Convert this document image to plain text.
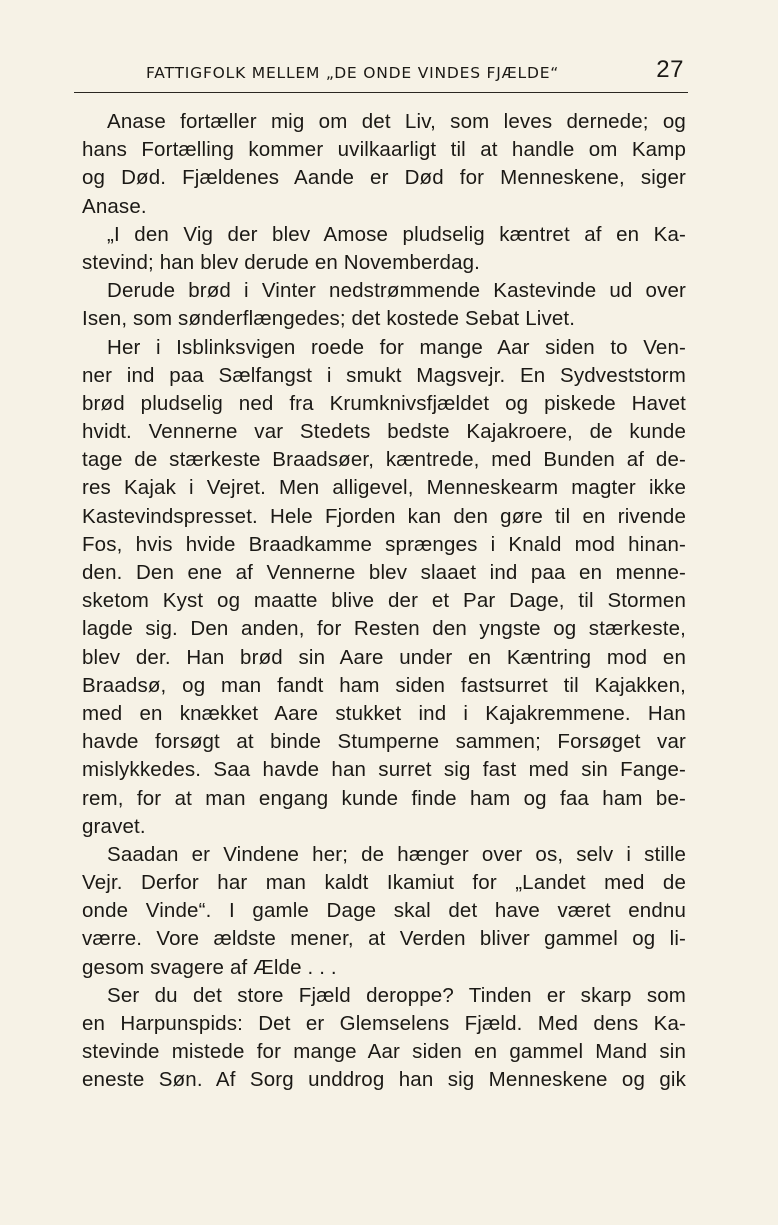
FATTIGFOLK MELLEM „DE ONDE VINDES FJÆLDE“	27
Anase fortæller mig om det Liv, som leves dernede; og
hans Fortælling kommer uvilkaarligt til at handle om Kamp
og Død. Fjældenes Aande er Død for Menneskene, siger
Anase.
„I den Vig der blev Amose pludselig kæntret af en Ka-
stevind; han blev derude en Novemberdag.
Derude brød i Vinter nedstrømmende Kastevinde ud over
Isen, som sønderflængedes; det kostede Sebat Livet.
Her i Isblinksvigen roede for mange Aar siden to Ven-
ner ind paa Sælfangst i smukt Magsvejr. En Sydveststorm
brød pludselig ned fra Krumknivsfjældet og piskede Havet
hvidt. Vennerne var Stedets bedste Kajakroere, de kunde
tage de stærkeste Braadsøer, kæntrede, med Bunden af de-
res Kajak i Vejret. Men alligevel, Menneskearm magter ikke
Kastevindspresset. Hele Fjorden kan den gøre til en rivende
Fos, hvis hvide Braadkamme sprænges i Knald mod hinan-
den. Den ene af Vennerne blev slaaet ind paa en menne-
sketom Kyst og maatte blive der et Par Dage, til Stormen
lagde sig. Den anden, for Resten den yngste og stærkeste,
blev der. Han brød sin Aare under en Kæntring mod en
Braadsø, og man fandt ham siden fastsurret til Kajakken,
med en knækket Aare stukket ind i Kajakremmene. Han
havde forsøgt at binde Stumperne sammen; Forsøget var
mislykkedes. Saa havde han surret sig fast med sin Fange-
rem, for at man engang kunde finde ham og faa ham be-
gravet.
Saadan er Vindene her; de hænger over os, selv i stille
Vejr. Derfor har man kaldt Ikamiut for „Landet med de
onde Vinde“. I gamle Dage skal det have været endnu
værre. Vore ældste mener, at Verden bliver gammel og li-
gesom svagere af Ælde . . .
Ser du det store Fjæld deroppe? Tinden er skarp som
en Harpunspids: Det er Glemselens Fjæld. Med dens Ka-
stevinde mistede for mange Aar siden en gammel Mand sin
eneste Søn. Af Sorg unddrog han sig Menneskene og gik
